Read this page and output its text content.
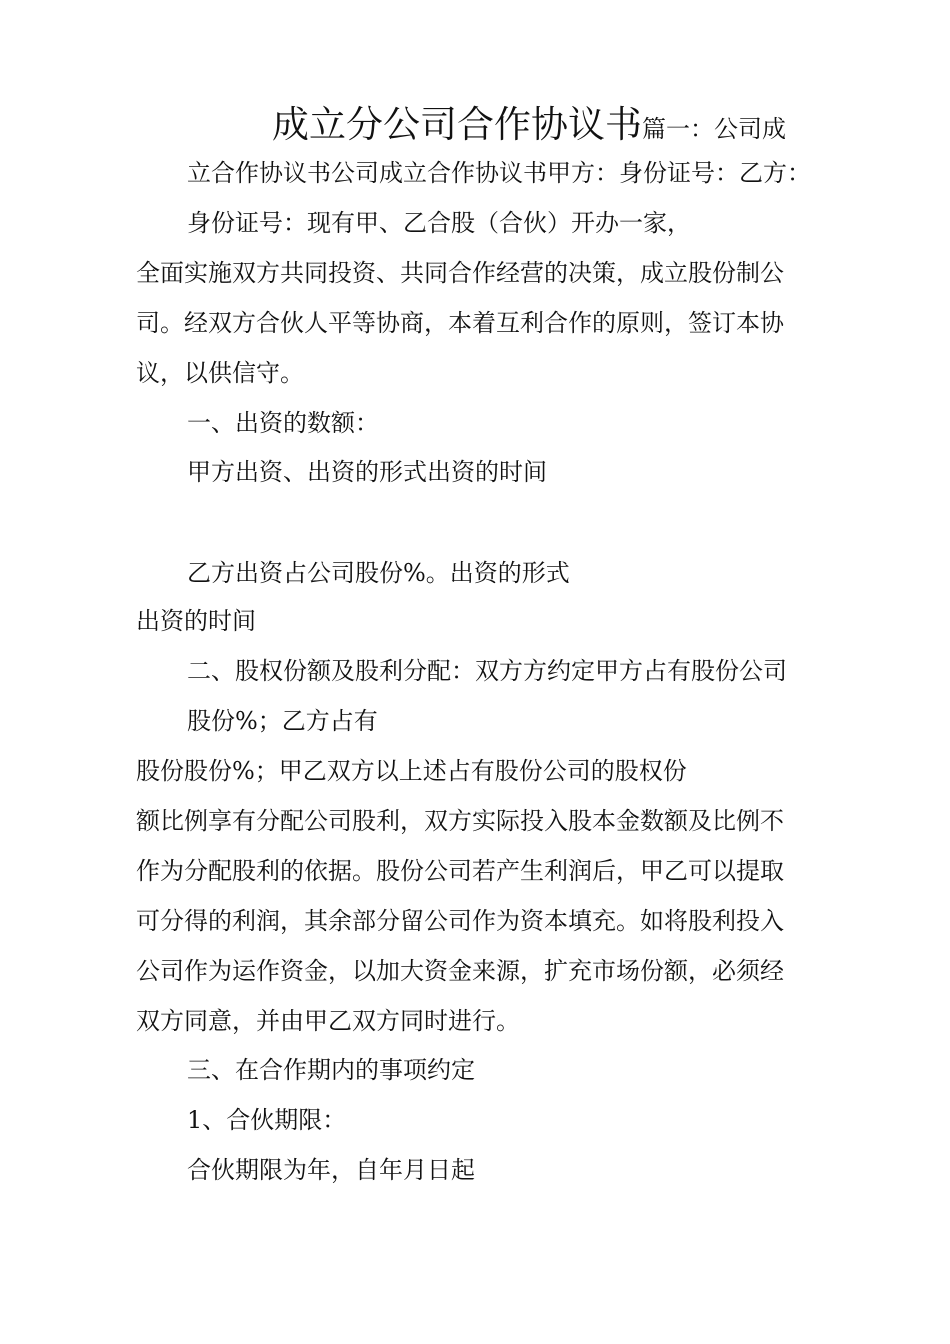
成立分公司合作协议书篇一：公司成
立合作协议书公司成立合作协议书甲方：身份证号：乙方：
身份证号：现有甲、乙合股（合伙）开办一家，
全面实施双方共同投资、共同合作经营的决策，成立股份制公
司。经双方合伙人平等协商，本着互利合作的原则，签订本协
议，以供信守。
一、出资的数额：
甲方出资、出资的形式出资的时间
乙方出资占公司股份%。出资的形式
出资的时间
二、股权份额及股利分配：双方方约定甲方占有股份公司
股份%；乙方占有
股份股份%；甲乙双方以上述占有股份公司的股权份
额比例享有分配公司股利，双方实际投入股本金数额及比例不
作为分配股利的依据。股份公司若产生利润后，甲乙可以提取
可分得的利润，其余部分留公司作为资本填充。如将股利投入
公司作为运作资金，以加大资金来源，扩充市场份额，必须经
双方同意，并由甲乙双方同时进行。
三、在合作期内的事项约定
1、合伙期限：
合伙期限为年，自年月日起
